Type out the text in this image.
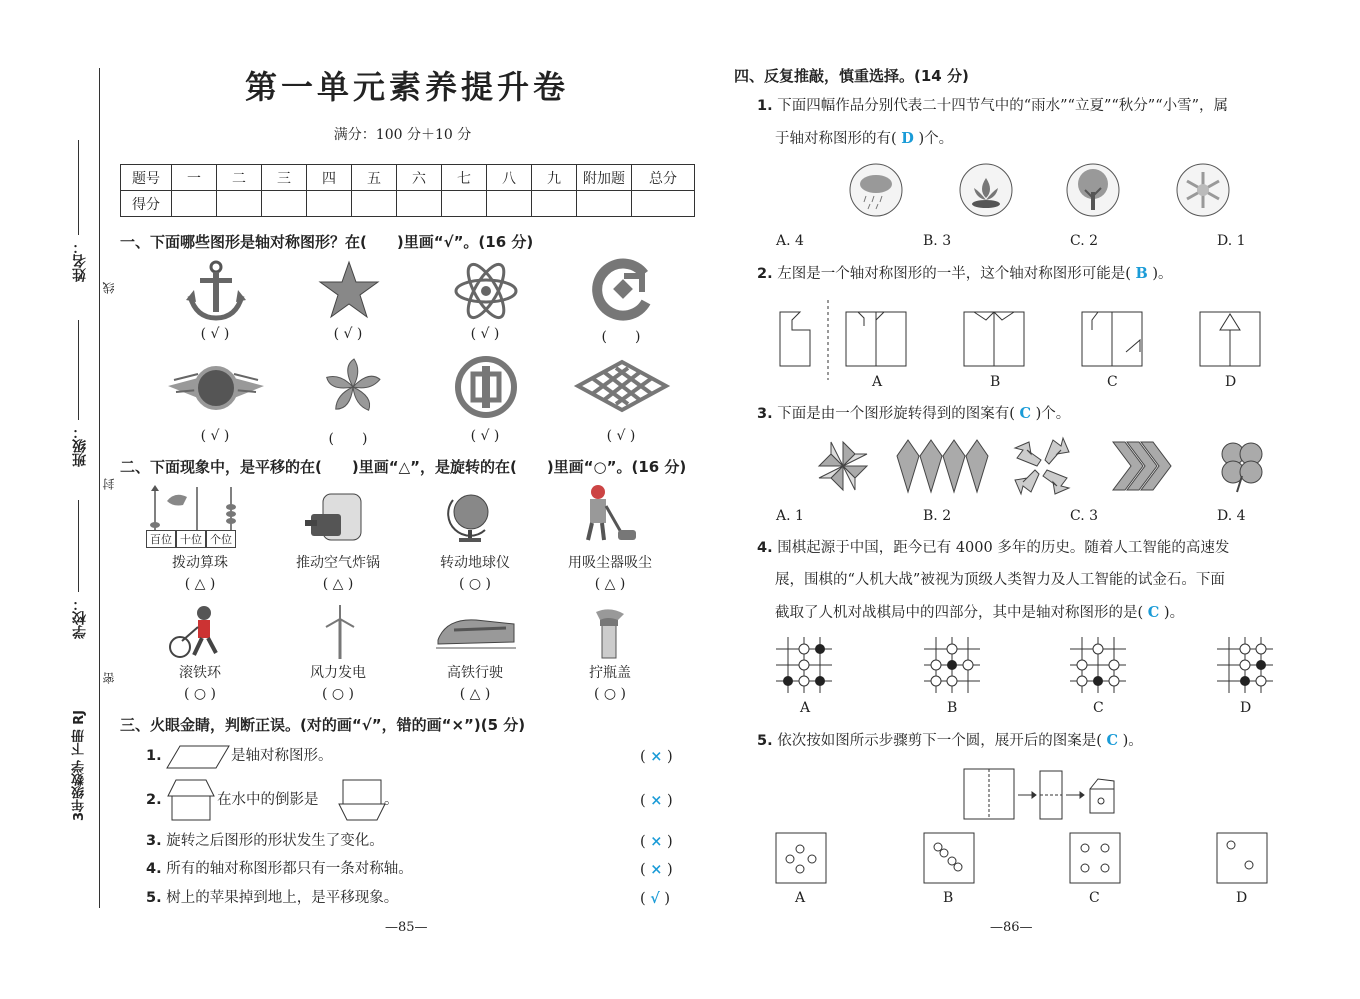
姓名：
班级：
学校：
3年级数学 下册 RJ
线
封
密
第一单元素养提升卷
满分：100 分＋10 分
题号	一	二	三	四	五	六	七	八	九	附加题	总分
得分											
一、下面哪些图形是轴对称图形？在(　　)里画“√”。(16 分)
( √ )	( √ )	( √ )	(　　)
( √ )	(　　)	( √ )	( √ )
二、下面现象中，是平移的在(　　)里画“△”，是旋转的在(　　)里画“○”。(16 分)
百位 十位 个位
拨动算珠	推动空气炸锅	转动地球仪	用吸尘器吸尘
( △ )	( △ )	( ○ )	( △ )
滚铁环	风力发电	高铁行驶	拧瓶盖
( ○ )	( ○ )	( △ )	( ○ )
三、火眼金睛，判断正误。(对的画“√”，错的画“×”)(5 分)
1.	是轴对称图形。
2.	在水中的倒影是	。
3. 旋转之后图形的形状发生了变化。
4. 所有的轴对称图形都只有一条对称轴。
5. 树上的苹果掉到地上，是平移现象。
( × )
( × )
( × )
( × )
( √ )
—85—
四、反复推敲，慎重选择。(14 分)
1. 下面四幅作品分别代表二十四节气中的“雨水”“立夏”“秋分”“小雪”，属
于轴对称图形的有( D )个。
A. 4	B. 3	C. 2	D. 1
2. 左图是一个轴对称图形的一半，这个轴对称图形可能是( B )。
A	B	C	D
3. 下面是由一个图形旋转得到的图案有( C )个。
A. 1	B. 2	C. 3	D. 4
4. 围棋起源于中国，距今已有 4000 多年的历史。随着人工智能的高速发
展，围棋的“人机大战”被视为顶级人类智力及人工智能的试金石。下面
截取了人机对战棋局中的四部分，其中是轴对称图形的是( C )。
A	B	C	D
5. 依次按如图所示步骤剪下一个圆，展开后的图案是( C )。
A	B	C	D
—86—
